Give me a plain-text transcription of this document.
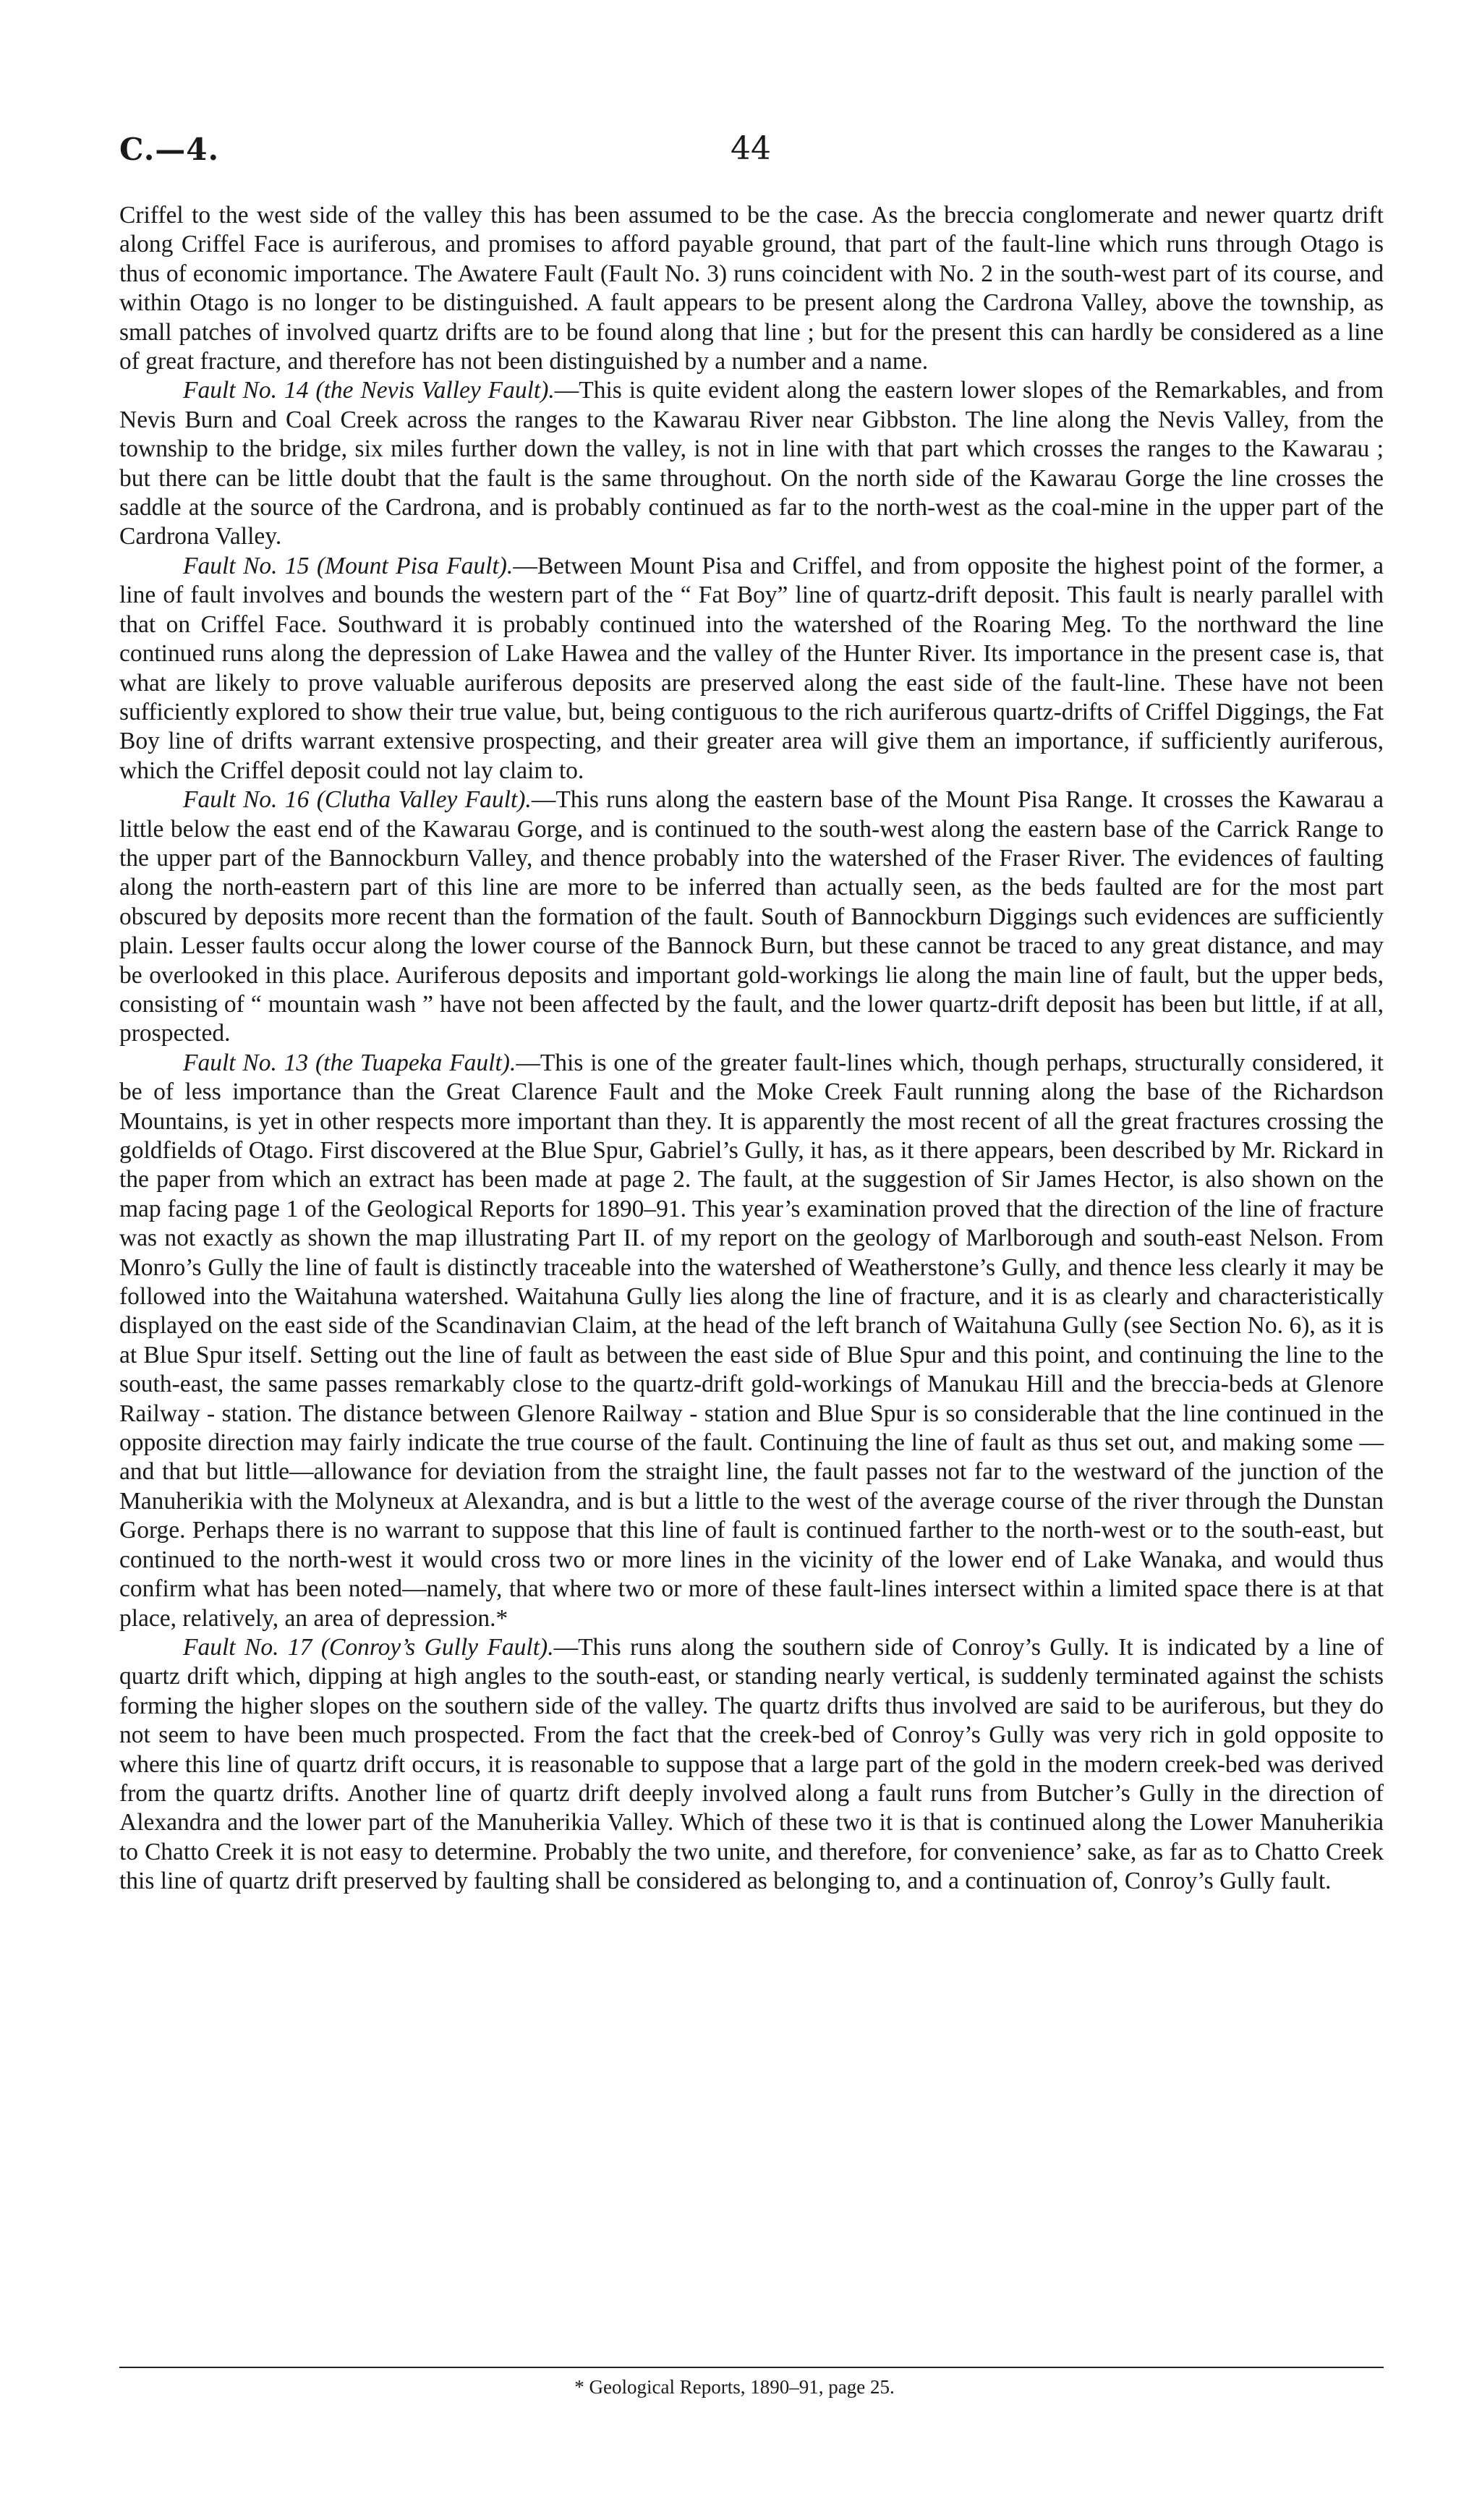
C.—4.	44

Criffel to the west side of the valley this has been assumed to be the case. As the breccia conglomerate and newer quartz drift along Criffel Face is auriferous, and promises to afford payable ground, that part of the fault-line which runs through Otago is thus of economic importance. The Awatere Fault (Fault No. 3) runs coincident with No. 2 in the south-west part of its course, and within Otago is no longer to be distinguished. A fault appears to be present along the Cardrona Valley, above the township, as small patches of involved quartz drifts are to be found along that line ; but for the present this can hardly be considered as a line of great fracture, and therefore has not been distinguished by a number and a name.

Fault No. 14 (the Nevis Valley Fault).—This is quite evident along the eastern lower slopes of the Remarkables, and from Nevis Burn and Coal Creek across the ranges to the Kawarau River near Gibbston. The line along the Nevis Valley, from the township to the bridge, six miles further down the valley, is not in line with that part which crosses the ranges to the Kawarau ; but there can be little doubt that the fault is the same throughout. On the north side of the Kawarau Gorge the line crosses the saddle at the source of the Cardrona, and is probably continued as far to the north-west as the coal-mine in the upper part of the Cardrona Valley.

Fault No. 15 (Mount Pisa Fault).—Between Mount Pisa and Criffel, and from opposite the highest point of the former, a line of fault involves and bounds the western part of the “ Fat Boy” line of quartz-drift deposit. This fault is nearly parallel with that on Criffel Face. Southward it is probably continued into the watershed of the Roaring Meg. To the northward the line continued runs along the depression of Lake Hawea and the valley of the Hunter River. Its importance in the present case is, that what are likely to prove valuable auriferous deposits are preserved along the east side of the fault-line. These have not been sufficiently explored to show their true value, but, being contiguous to the rich auriferous quartz-drifts of Criffel Diggings, the Fat Boy line of drifts warrant extensive prospecting, and their greater area will give them an importance, if sufficiently auriferous, which the Criffel deposit could not lay claim to.

Fault No. 16 (Clutha Valley Fault).—This runs along the eastern base of the Mount Pisa Range. It crosses the Kawarau a little below the east end of the Kawarau Gorge, and is continued to the south-west along the eastern base of the Carrick Range to the upper part of the Bannockburn Valley, and thence probably into the watershed of the Fraser River. The evidences of faulting along the north-eastern part of this line are more to be inferred than actually seen, as the beds faulted are for the most part obscured by deposits more recent than the formation of the fault. South of Bannockburn Diggings such evidences are sufficiently plain. Lesser faults occur along the lower course of the Bannock Burn, but these cannot be traced to any great distance, and may be overlooked in this place. Auriferous deposits and important gold-workings lie along the main line of fault, but the upper beds, consisting of “ mountain wash ” have not been affected by the fault, and the lower quartz-drift deposit has been but little, if at all, prospected.

Fault No. 13 (the Tuapeka Fault).—This is one of the greater fault-lines which, though perhaps, structurally considered, it be of less importance than the Great Clarence Fault and the Moke Creek Fault running along the base of the Richardson Mountains, is yet in other respects more important than they. It is apparently the most recent of all the great fractures crossing the goldfields of Otago. First discovered at the Blue Spur, Gabriel’s Gully, it has, as it there appears, been described by Mr. Rickard in the paper from which an extract has been made at page 2. The fault, at the suggestion of Sir James Hector, is also shown on the map facing page 1 of the Geological Reports for 1890–91. This year’s examination proved that the direction of the line of fracture was not exactly as shown the map illustrating Part II. of my report on the geology of Marlborough and south-east Nelson. From Monro’s Gully the line of fault is distinctly traceable into the watershed of Weatherstone’s Gully, and thence less clearly it may be followed into the Waitahuna watershed. Waitahuna Gully lies along the line of fracture, and it is as clearly and characteristically displayed on the east side of the Scandinavian Claim, at the head of the left branch of Waitahuna Gully (see Section No. 6), as it is at Blue Spur itself. Setting out the line of fault as between the east side of Blue Spur and this point, and continuing the line to the south-east, the same passes remarkably close to the quartz-drift gold-workings of Manukau Hill and the breccia-beds at Glenore Railway - station. The distance between Glenore Railway - station and Blue Spur is so considerable that the line continued in the opposite direction may fairly indicate the true course of the fault. Continuing the line of fault as thus set out, and making some —and that but little—allowance for deviation from the straight line, the fault passes not far to the westward of the junction of the Manuherikia with the Molyneux at Alexandra, and is but a little to the west of the average course of the river through the Dunstan Gorge. Perhaps there is no warrant to suppose that this line of fault is continued farther to the north-west or to the south-east, but continued to the north-west it would cross two or more lines in the vicinity of the lower end of Lake Wanaka, and would thus confirm what has been noted—namely, that where two or more of these fault-lines intersect within a limited space there is at that place, relatively, an area of depression.*

Fault No. 17 (Conroy’s Gully Fault).—This runs along the southern side of Conroy’s Gully. It is indicated by a line of quartz drift which, dipping at high angles to the south-east, or standing nearly vertical, is suddenly terminated against the schists forming the higher slopes on the southern side of the valley. The quartz drifts thus involved are said to be auriferous, but they do not seem to have been much prospected. From the fact that the creek-bed of Conroy’s Gully was very rich in gold opposite to where this line of quartz drift occurs, it is reasonable to suppose that a large part of the gold in the modern creek-bed was derived from the quartz drifts. Another line of quartz drift deeply involved along a fault runs from Butcher’s Gully in the direction of Alexandra and the lower part of the Manuherikia Valley. Which of these two it is that is continued along the Lower Manuherikia to Chatto Creek it is not easy to determine. Probably the two unite, and therefore, for convenience’ sake, as far as to Chatto Creek this line of quartz drift preserved by faulting shall be considered as belonging to, and a continuation of, Conroy’s Gully fault.

* Geological Reports, 1890–91, page 25.
